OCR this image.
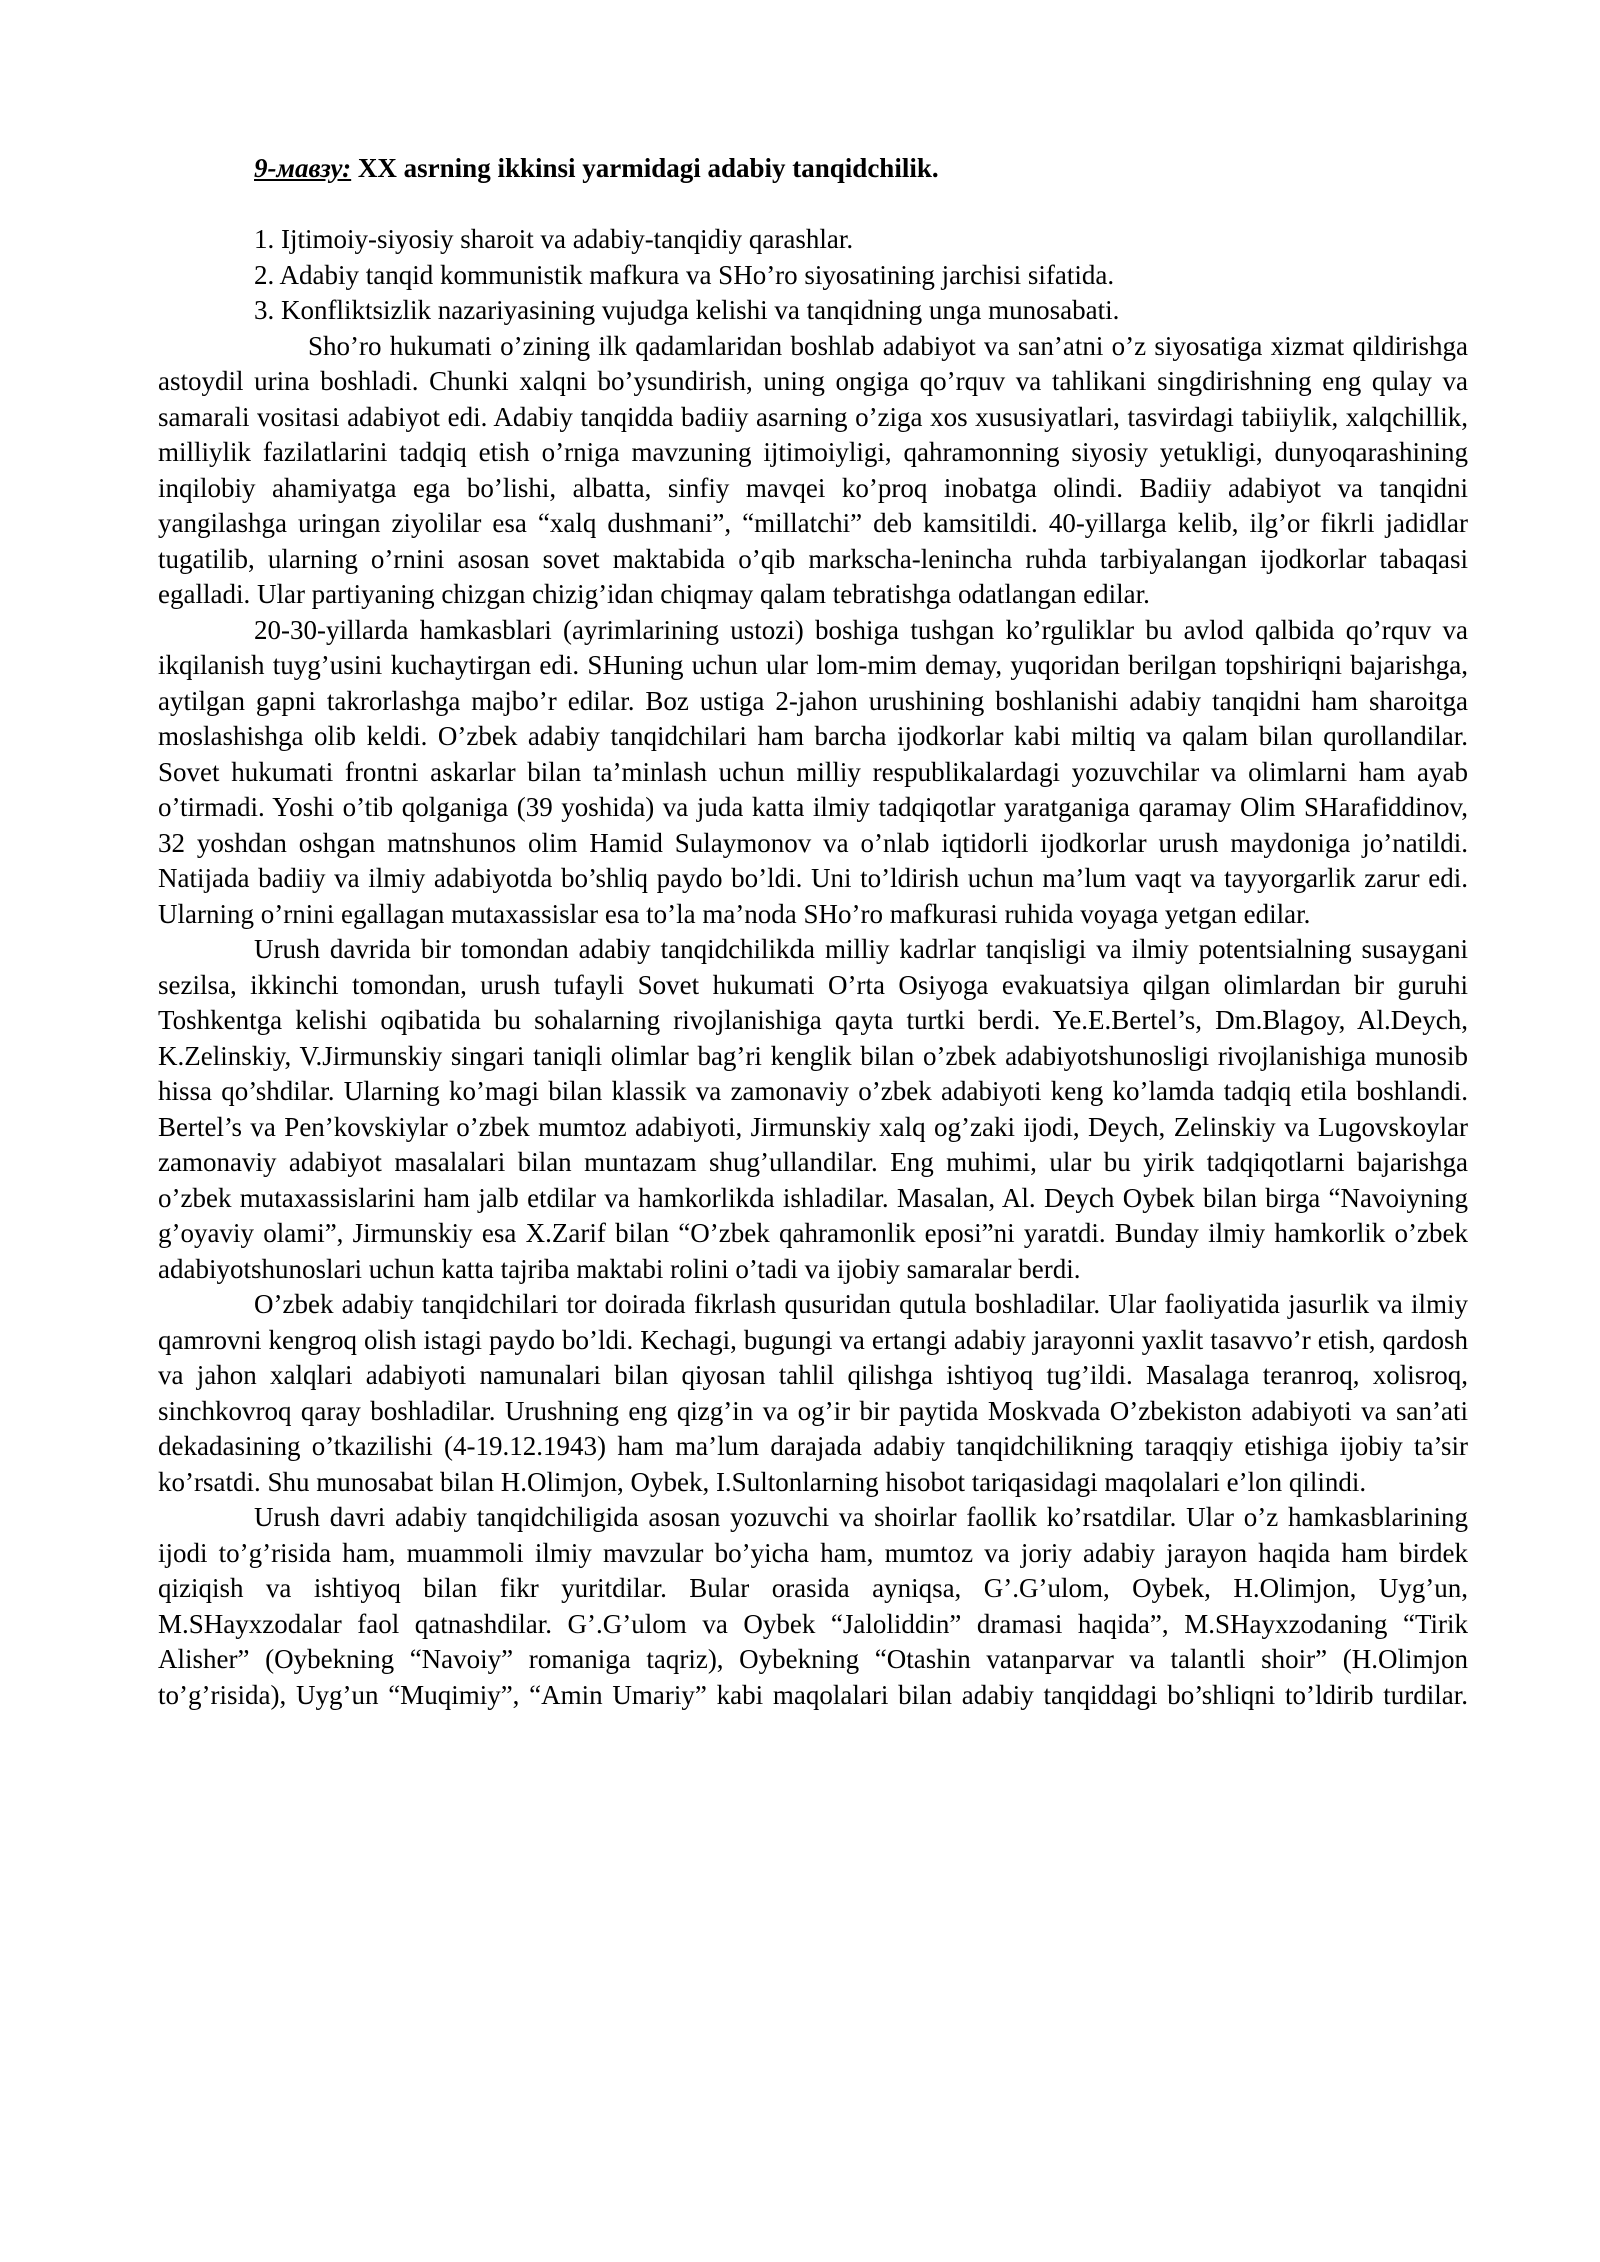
9-мавзу: XX asrning ikkinsi yarmidagi adabiy tanqidchilik.
1. Ijtimoiy-siyosiy sharoit va adabiy-tanqidiy qarashlar.
2. Adabiy tanqid kommunistik mafkura va SHo’ro siyosatining jarchisi sifatida.
3. Konfliktsizlik nazariyasining vujudga kelishi va tanqidning unga munosabati.

Sho’ro hukumati o’zining ilk qadamlaridan boshlab adabiyot va san’atni o’z siyosatiga xizmat qildirishga astoydil urina boshladi. Chunki xalqni bo’ysundirish, uning ongiga qo’rquv va tahlikani singdirishning eng qulay va samarali vositasi adabiyot edi. Adabiy tanqidda badiiy asarning o’ziga xos xususiyatlari, tasvirdagi tabiiylik, xalqchillik, milliylik fazilatlarini tadqiq etish o’rniga mavzuning ijtimoiyligi, qahramonning siyosiy yetukligi, dunyoqarashining inqilobiy ahamiyatga ega bo’lishi, albatta, sinfiy mavqei ko’proq inobatga olindi. Badiiy adabiyot va tanqidni yangilashga uringan ziyolilar esa “xalq dushmani”, “millatchi” deb kamsitildi. 40-yillarga kelib, ilg’or fikrli jadidlar tugatilib, ularning o’rnini asosan sovet maktabida o’qib markscha-lenincha ruhda tarbiyalangan ijodkorlar tabaqasi egalladi. Ular partiyaning chizgan chizig’idan chiqmay qalam tebratishga odatlangan edilar.

20-30-yillarda hamkasblari (ayrimlarining ustozi) boshiga tushgan ko’rguliklar bu avlod qalbida qo’rquv va ikqilanish tuyg’usini kuchaytirgan edi. SHuning uchun ular lom-mim demay, yuqoridan berilgan topshiriqni bajarishga, aytilgan gapni takrorlashga majbo’r edilar. Boz ustiga 2-jahon urushining boshlanishi adabiy tanqidni ham sharoitga moslashishga olib keldi. O’zbek adabiy tanqidchilari ham barcha ijodkorlar kabi miltiq va qalam bilan qurollandilar. Sovet hukumati frontni askarlar bilan ta’minlash uchun milliy respublikalardagi yozuvchilar va olimlarni ham ayab o’tirmadi. Yoshi o’tib qolganiga (39 yoshida) va juda katta ilmiy tadqiqotlar yaratganiga qaramay Olim SHarafiddinov, 32 yoshdan oshgan matnshunos olim Hamid Sulaymonov va o’nlab iqtidorli ijodkorlar urush maydoniga jo’natildi. Natijada badiiy va ilmiy adabiyotda bo’shliq paydo bo’ldi. Uni to’ldirish uchun ma’lum vaqt va tayyorgarlik zarur edi. Ularning o’rnini egallagan mutaxassislar esa to’la ma’noda SHo’ro mafkurasi ruhida voyaga yetgan edilar.

Urush davrida bir tomondan adabiy tanqidchilikda milliy kadrlar tanqisligi va ilmiy potentsialning susaygani sezilsa, ikkinchi tomondan, urush tufayli Sovet hukumati O’rta Osiyoga evakuatsiya qilgan olimlardan bir guruhi Toshkentga kelishi oqibatida bu sohalarning rivojlanishiga qayta turtki berdi. Ye.E.Bertel’s, Dm.Blagoy, Al.Deych, K.Zelinskiy, V.Jirmunskiy singari taniqli olimlar bag’ri kenglik bilan o’zbek adabiyotshunosligi rivojlanishiga munosib hissa qo’shdilar. Ularning ko’magi bilan klassik va zamonaviy o’zbek adabiyoti keng ko’lamda tadqiq etila boshlandi. Bertel’s va Pen’kovskiylar o’zbek mumtoz adabiyoti, Jirmunskiy xalq og’zaki ijodi, Deych, Zelinskiy va Lugovskoylar zamonaviy adabiyot masalalari bilan muntazam shug’ullandilar. Eng muhimi, ular bu yirik tadqiqotlarni bajarishga o’zbek mutaxassislarini ham jalb etdilar va hamkorlikda ishladilar. Masalan, Al. Deych Oybek bilan birga “Navoiyning g’oyaviy olami”, Jirmunskiy esa X.Zarif bilan “O’zbek qahramonlik eposi”ni yaratdi. Bunday ilmiy hamkorlik o’zbek adabiyotshunoslari uchun katta tajriba maktabi rolini o’tadi va ijobiy samaralar berdi.

O’zbek adabiy tanqidchilari tor doirada fikrlash qusuridan qutula boshladilar. Ular faoliyatida jasurlik va ilmiy qamrovni kengroq olish istagi paydo bo’ldi. Kechagi, bugungi va ertangi adabiy jarayonni yaxlit tasavvo’r etish, qardosh va jahon xalqlari adabiyoti namunalari bilan qiyosan tahlil qilishga ishtiyoq tug’ildi. Masalaga teranroq, xolisroq, sinchkovroq qaray boshladilar. Urushning eng qizg’in va og’ir bir paytida Moskvada O’zbekiston adabiyoti va san’ati dekadasining o’tkazilishi (4-19.12.1943) ham ma’lum darajada adabiy tanqidchilikning taraqqiy etishiga ijobiy ta’sir ko’rsatdi. Shu munosabat bilan H.Olimjon, Oybek, I.Sultonlarning hisobot tariqasidagi maqolalari e’lon qilindi.

Urush davri adabiy tanqidchiligida asosan yozuvchi va shoirlar faollik ko’rsatdilar. Ular o’z hamkasblarining ijodi to’g’risida ham, muammoli ilmiy mavzular bo’yicha ham, mumtoz va joriy adabiy jarayon haqida ham birdek qiziqish va ishtiyoq bilan fikr yuritdilar. Bular orasida ayniqsa, G’.G’ulom, Oybek, H.Olimjon, Uyg’un, M.SHayxzodalar faol qatnashdilar. G’.G’ulom va Oybek “Jaloliddin” dramasi haqida”, M.SHayxzodaning “Tirik Alisher” (Oybekning “Navoiy” romaniga taqriz), Oybekning “Otashin vatanparvar va talantli shoir” (H.Olimjon to’g’risida), Uyg’un “Muqimiy”, “Amin Umariy” kabi maqolalari bilan adabiy tanqiddagi bo’shliqni to’ldirib turdilar.
